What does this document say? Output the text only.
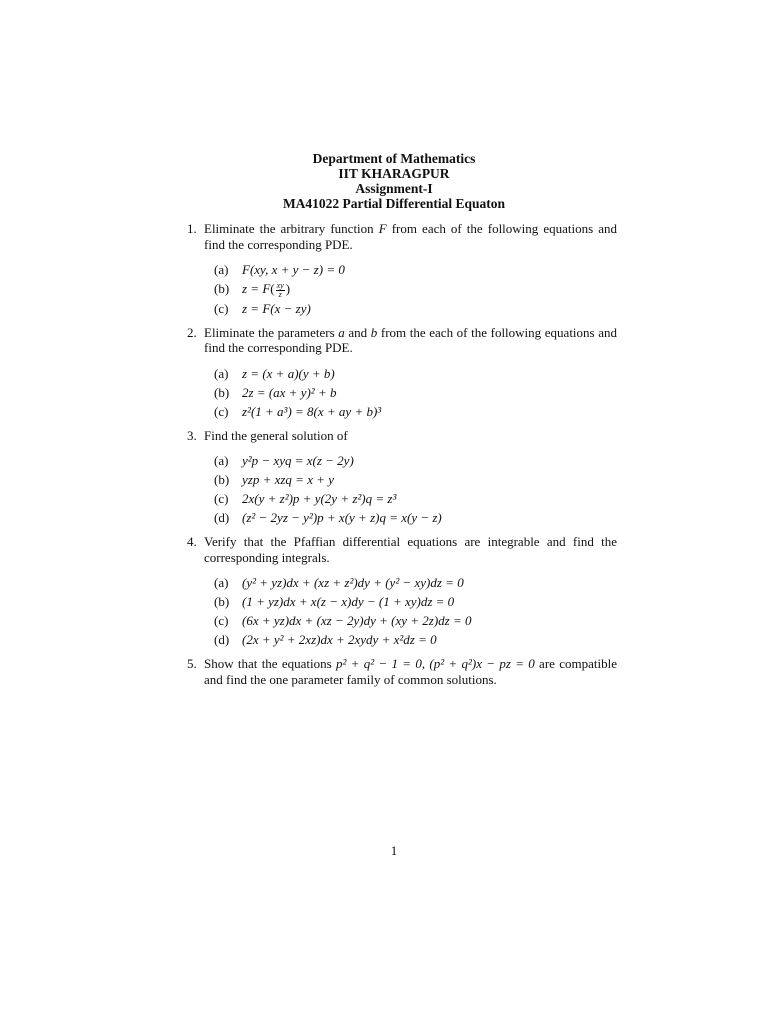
Department of Mathematics
IIT KHARAGPUR
Assignment-I
MA41022 Partial Differential Equaton
1. Eliminate the arbitrary function F from each of the following equations and find the corresponding PDE.
(a)	F(xy, x + y − z) = 0
(b) $z = F( \frac{xy}{z}$ )
(c)	z = F(x − zy)
2. Eliminate the parameters a and b from the each of the following equations and find the corresponding PDE.
(a)	z = (x + a)(y + b)
(b) 2z = (ax + y)² + b
(c)	z²(1 + a³) = 8(x + ay + b)³
3. Find the general solution of
(a)	y²p − xyq = x(z − 2y)
(b) yzp + xzq = x + y
(c)	2x(y + z²)p + y(2y + z²)q = z³
(d) (z² − 2yz − y²)p + x(y + z)q = x(y − z)
4. Verify that the Pfaffian differential equations are integrable and find the corresponding integrals.
(a)	(y² + yz)dx + (xz + z²)dy + (y² − xy)dz = 0
(b) (1 + yz)dx + x(z − x)dy − (1 + xy)dz = 0
(c)	(6x + yz)dx + (xz − 2y)dy + (xy + 2z)dz = 0
(d) (2x + y² + 2xz)dx + 2xydy + x²dz = 0
5. Show that the equations p² + q² − 1 = 0, (p² + q²)x − pz = 0 are compatible and find the one parameter family of common solutions.
1
